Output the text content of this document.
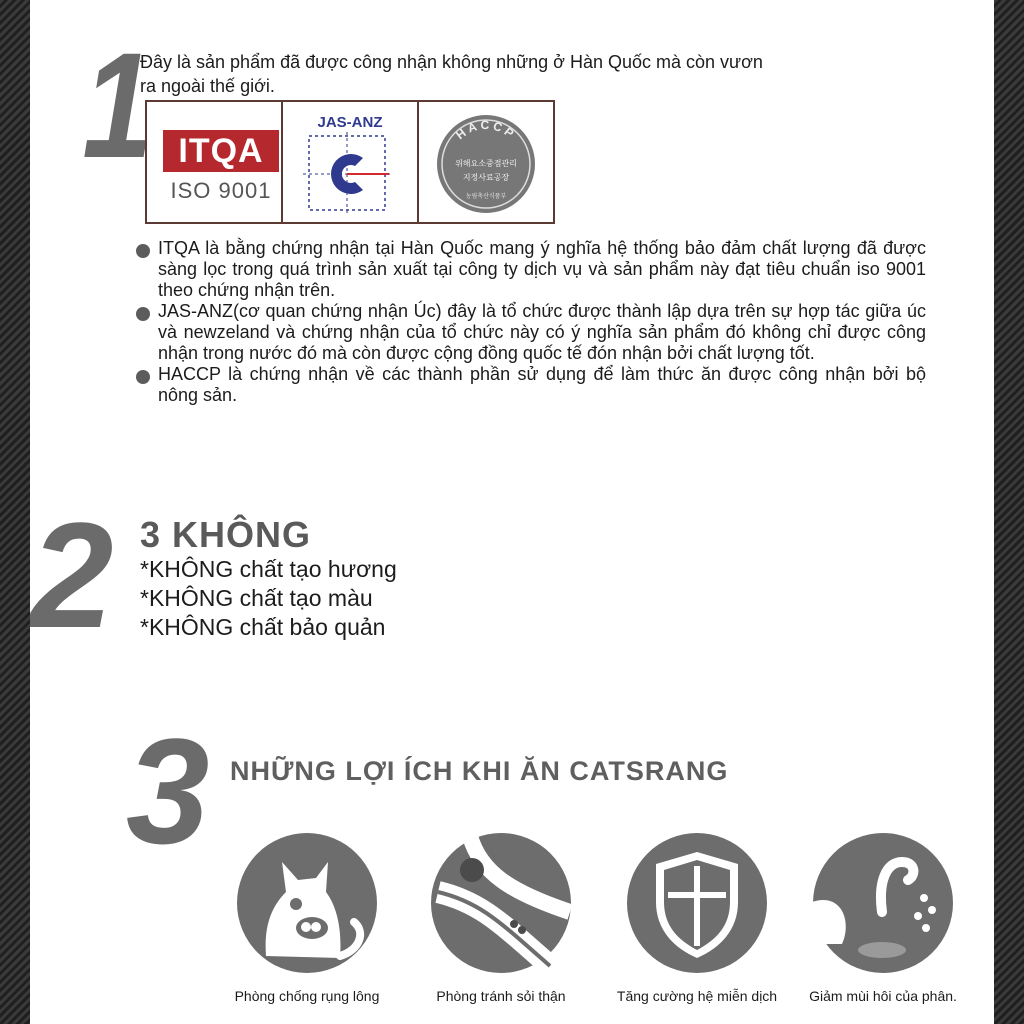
1
Đây là sản phẩm đã được công nhận không những ở Hàn Quốc mà còn vươn
ra ngoài thế giới.
ITQA
ISO 9001
JAS-ANZ
HACCP
위해요소중점관리
지정사료공장
농림축산식품부

ITQA là bằng chứng nhận tại Hàn Quốc mang ý nghĩa hệ thống bảo đảm chất lượng đã được sàng lọc trong quá trình sản xuất tại công ty dịch vụ và sản phẩm này đạt tiêu chuẩn iso 9001 theo chứng nhận trên.

JAS-ANZ(cơ quan chứng nhận Úc) đây là tổ chức được thành lập dựa trên sự hợp tác giữa úc và newzeland và chứng nhận của tổ chức này có ý nghĩa sản phẩm đó không chỉ được công nhận trong nước đó mà còn được cộng đồng quốc tế đón nhận bởi chất lượng tốt.

HACCP là chứng nhận về các thành phần sử dụng để làm thức ăn được công nhận bởi bộ nông sản.

2 3 KHÔNG
*KHÔNG chất tạo hương
*KHÔNG chất tạo màu
*KHÔNG chất bảo quản
3 NHỮNG LỢI ÍCH KHI ĂN CATSRANG
Phòng chống rụng lông	Phòng tránh sỏi thận	Tăng cường hệ miễn dịch	Giảm mùi hôi của phân.
